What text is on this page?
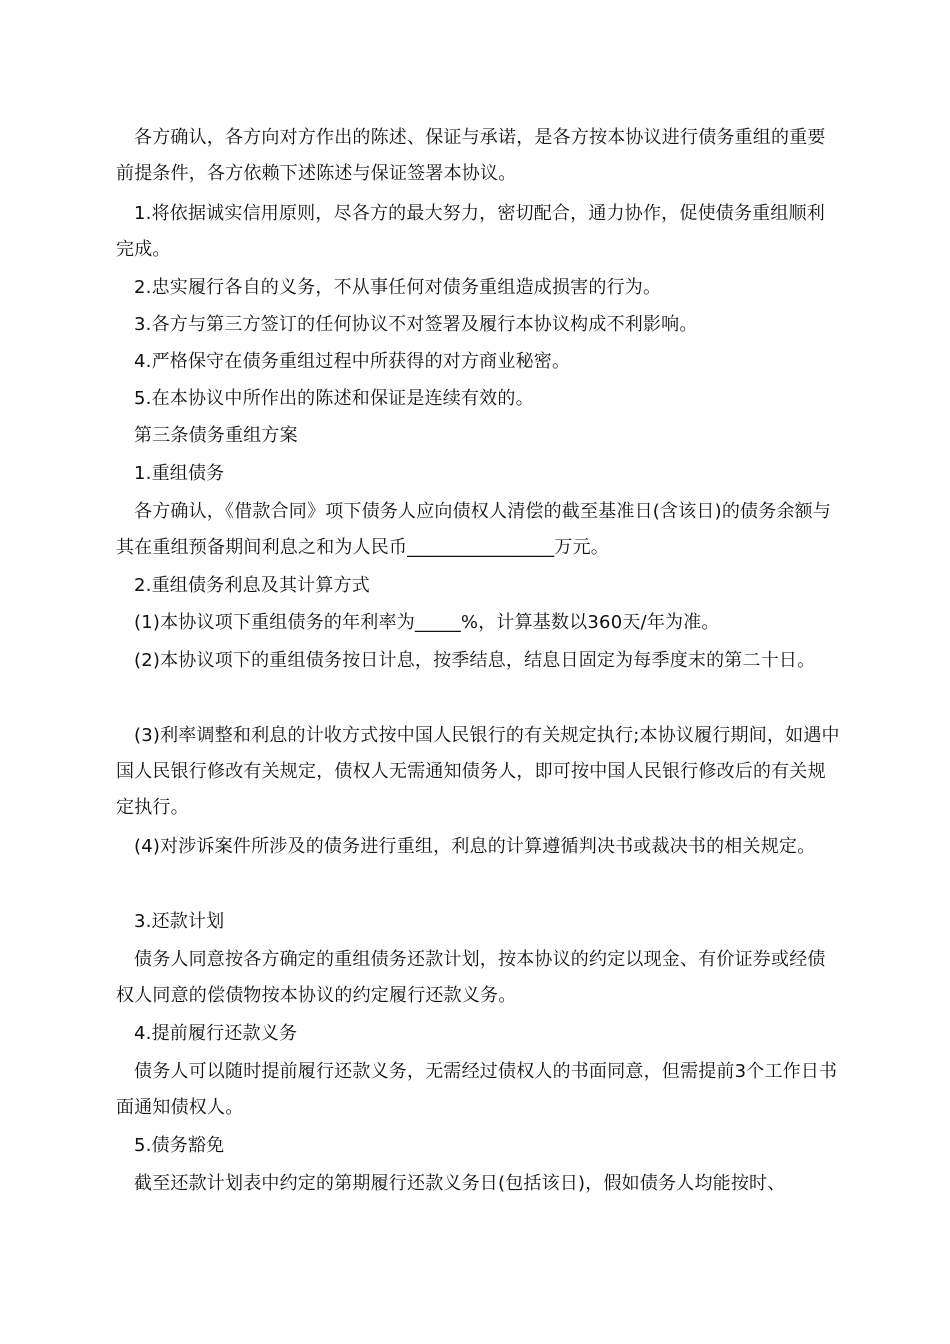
各方确认，各方向对方作出的陈述、保证与承诺，是各方按本协议进行债务重组的重要前提条件，各方依赖下述陈述与保证签署本协议。
1.将依据诚实信用原则，尽各方的最大努力，密切配合，通力协作，促使债务重组顺利完成。
2.忠实履行各自的义务，不从事任何对债务重组造成损害的行为。
3.各方与第三方签订的任何协议不对签署及履行本协议构成不利影响。
4.严格保守在债务重组过程中所获得的对方商业秘密。
5.在本协议中所作出的陈述和保证是连续有效的。
第三条债务重组方案
1.重组债务
各方确认，《借款合同》项下债务人应向债权人清偿的截至基准日(含该日)的债务余额与其在重组预备期间利息之和为人民币________________万元。
2.重组债务利息及其计算方式
(1)本协议项下重组债务的年利率为_____%，计算基数以360天/年为准。
(2)本协议项下的重组债务按日计息，按季结息，结息日固定为每季度末的第二十日。
(3)利率调整和利息的计收方式按中国人民银行的有关规定执行;本协议履行期间，如遇中国人民银行修改有关规定，债权人无需通知债务人，即可按中国人民银行修改后的有关规定执行。
(4)对涉诉案件所涉及的债务进行重组，利息的计算遵循判决书或裁决书的相关规定。
3.还款计划
债务人同意按各方确定的重组债务还款计划，按本协议的约定以现金、有价证券或经债权人同意的偿债物按本协议的约定履行还款义务。
4.提前履行还款义务
债务人可以随时提前履行还款义务，无需经过债权人的书面同意，但需提前3个工作日书面通知债权人。
5.债务豁免
截至还款计划表中约定的第期履行还款义务日(包括该日)，假如债务人均能按时、
